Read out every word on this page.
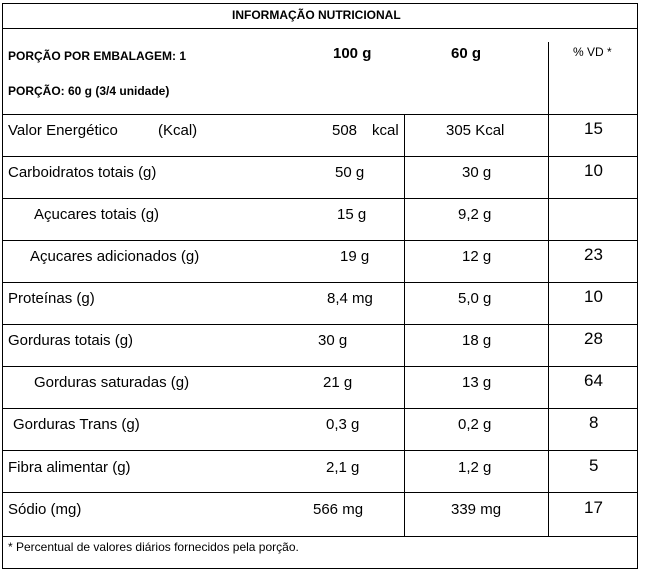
INFORMAÇÃO NUTRICIONAL
PORÇÃO POR EMBALAGEM: 1
PORÇÃO: 60 g (3/4 unidade)
100 g	60 g	% VD *
Valor Energético	(Kcal)	508 kcal	305 Kcal	15
Carboidratos totais (g)	50 g	30 g	10
Açucares totais (g)	15 g	9,2 g
Açucares adicionados (g)	19 g	12 g	23
Proteínas (g)	8,4 mg	5,0 g	10
Gorduras totais (g)	30 g	18 g	28
Gorduras saturadas (g)	21 g	13 g	64
Gorduras Trans (g)	0,3 g	0,2 g	8
Fibra alimentar (g)	2,1 g	1,2 g	5
Sódio (mg)	566 mg	339 mg	17
* Percentual de valores diários fornecidos pela porção.
